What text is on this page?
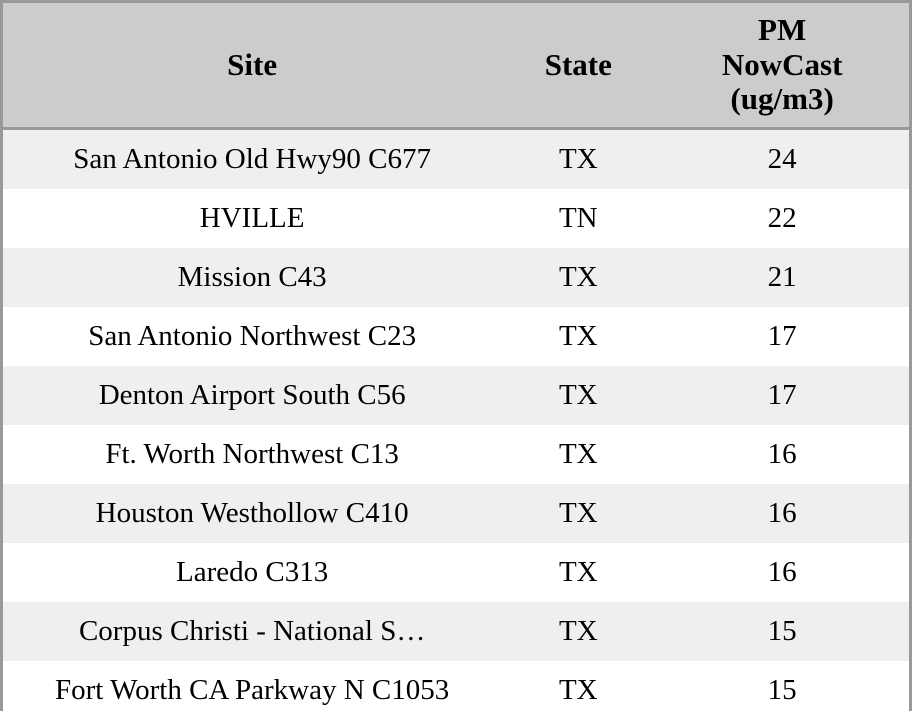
Site	State	PM
NowCast
(ug/m3)

San Antonio Old Hwy90 C677	TX	24
HVILLE	TN	22
Mission C43	TX	21
San Antonio Northwest C23	TX	17
Denton Airport South C56	TX	17
Ft. Worth Northwest C13	TX	16
Houston Westhollow C410	TX	16
Laredo C313	TX	16
Corpus Christi - National S…	TX	15
Fort Worth CA Parkway N C1053	TX	15
